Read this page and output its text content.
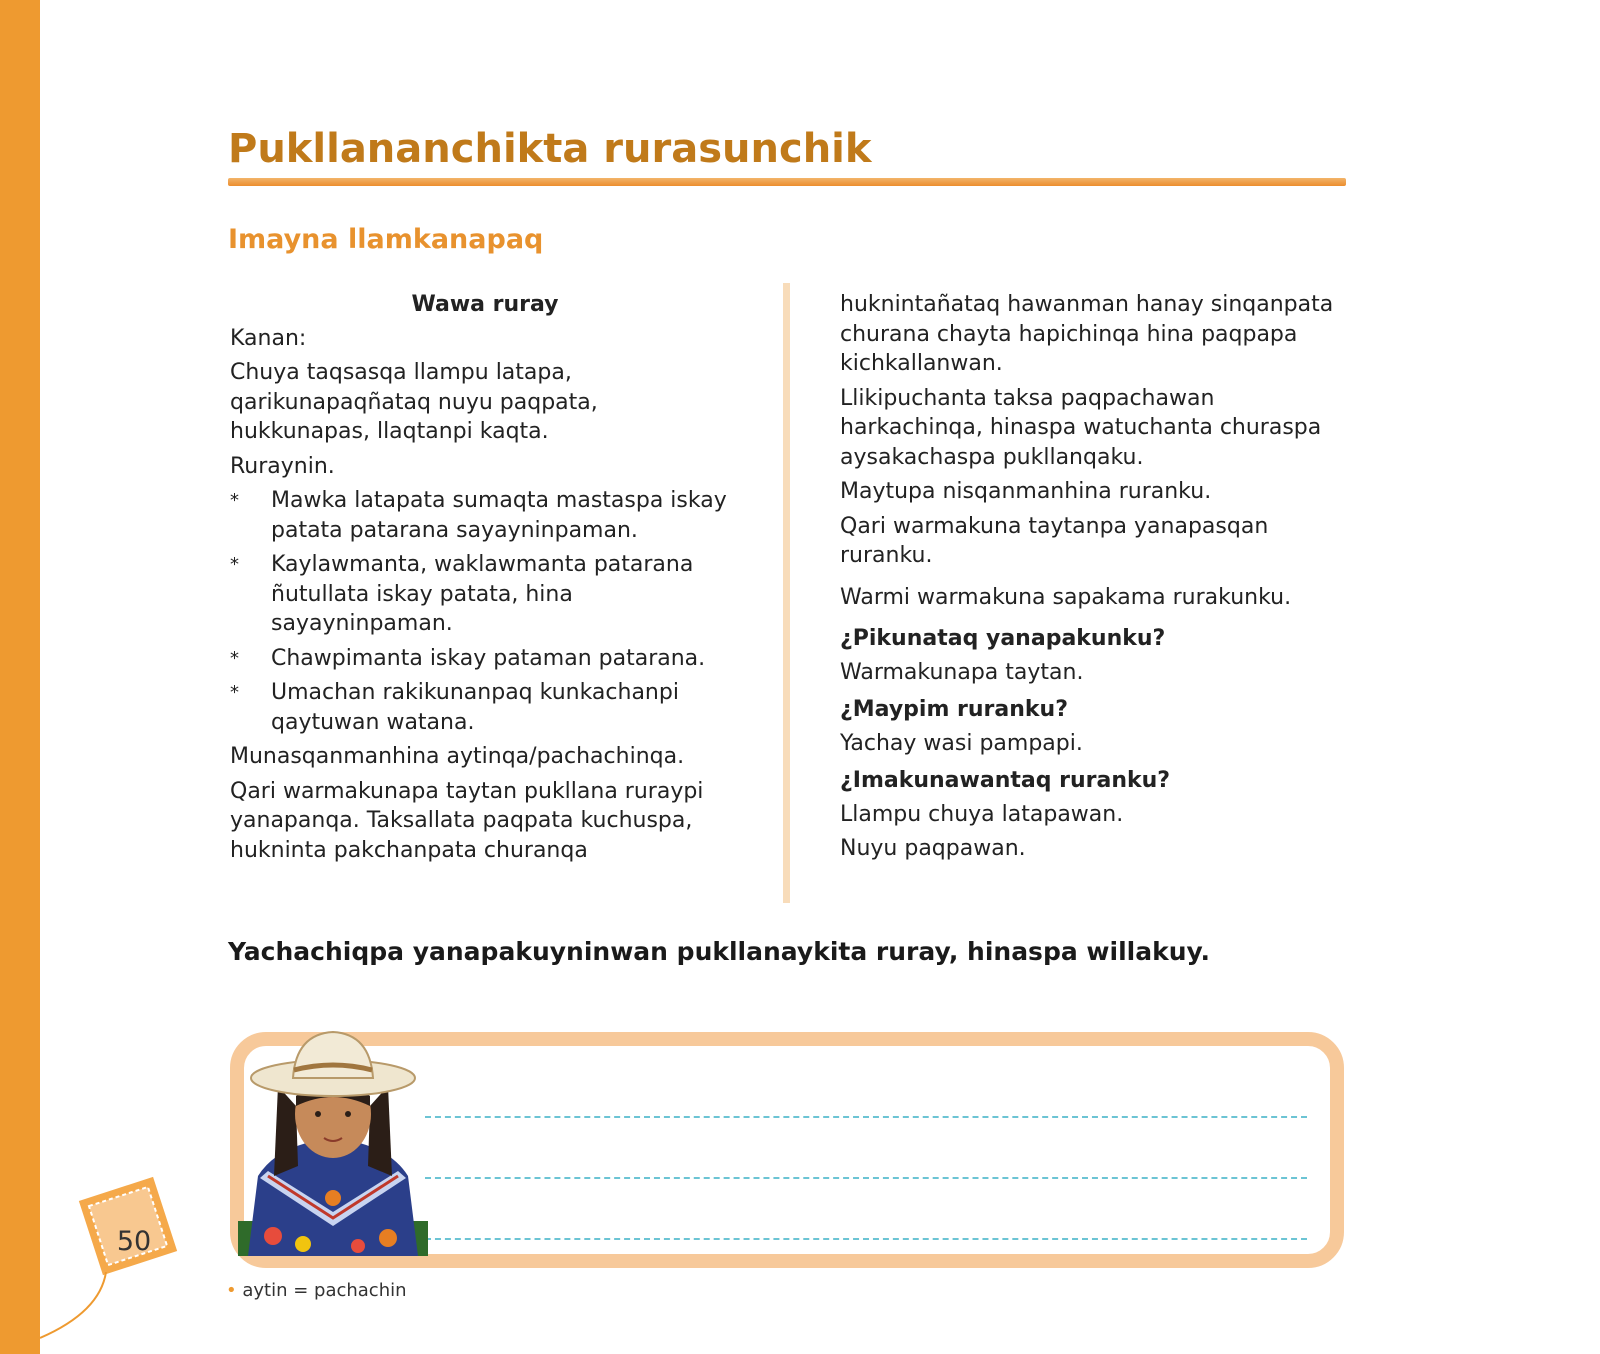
Pukllananchikta rurasunchik
Imayna llamkanapaq
Wawa ruray
Kanan:
Chuya taqsasqa llampu latapa, qarikunapaqñataq nuyu paqpata, hukkunapas, llaqtanpi kaqta.
Ruraynin.
* Mawka latapata sumaqta mastaspa iskay patata patarana sayayninpaman.
* Kaylawmanta, waklawmanta patarana ñutullata iskay patata, hina sayayninpaman.
* Chawpimanta iskay pataman patarana.
* Umachan rakikunanpaq kunkachanpi qaytuwan watana.
Munasqanmanhina aytinqa/pachachinqa.
Qari warmakunapa taytan pukllana ruraypi yanapanqa. Taksallata paqpata kuchuspa, hukninta pakchanpata churanqa
huknintañataq hawanman hanay sinqanpata churana chayta hapichinqa hina paqpapa kichkallanwan.
Llikipuchanta taksa paqpachawan harkachinqa, hinaspa watuchanta churaspa aysakachaspa pukllanqaku.
Maytupa nisqanmanhina ruranku.
Qari warmakuna taytanpa yanapasqan ruranku.
Warmi warmakuna sapakama rurakunku.
¿Pikunataq yanapakunku?
Warmakunapa taytan.
¿Maypim ruranku?
Yachay wasi pampapi.
¿Imakunawantaq ruranku?
Llampu chuya latapawan.
Nuyu paqpawan.
Yachachiqpa yanapakuyninwan pukllanaykita ruray, hinaspa willakuy.
50
• aytin = pachachin
